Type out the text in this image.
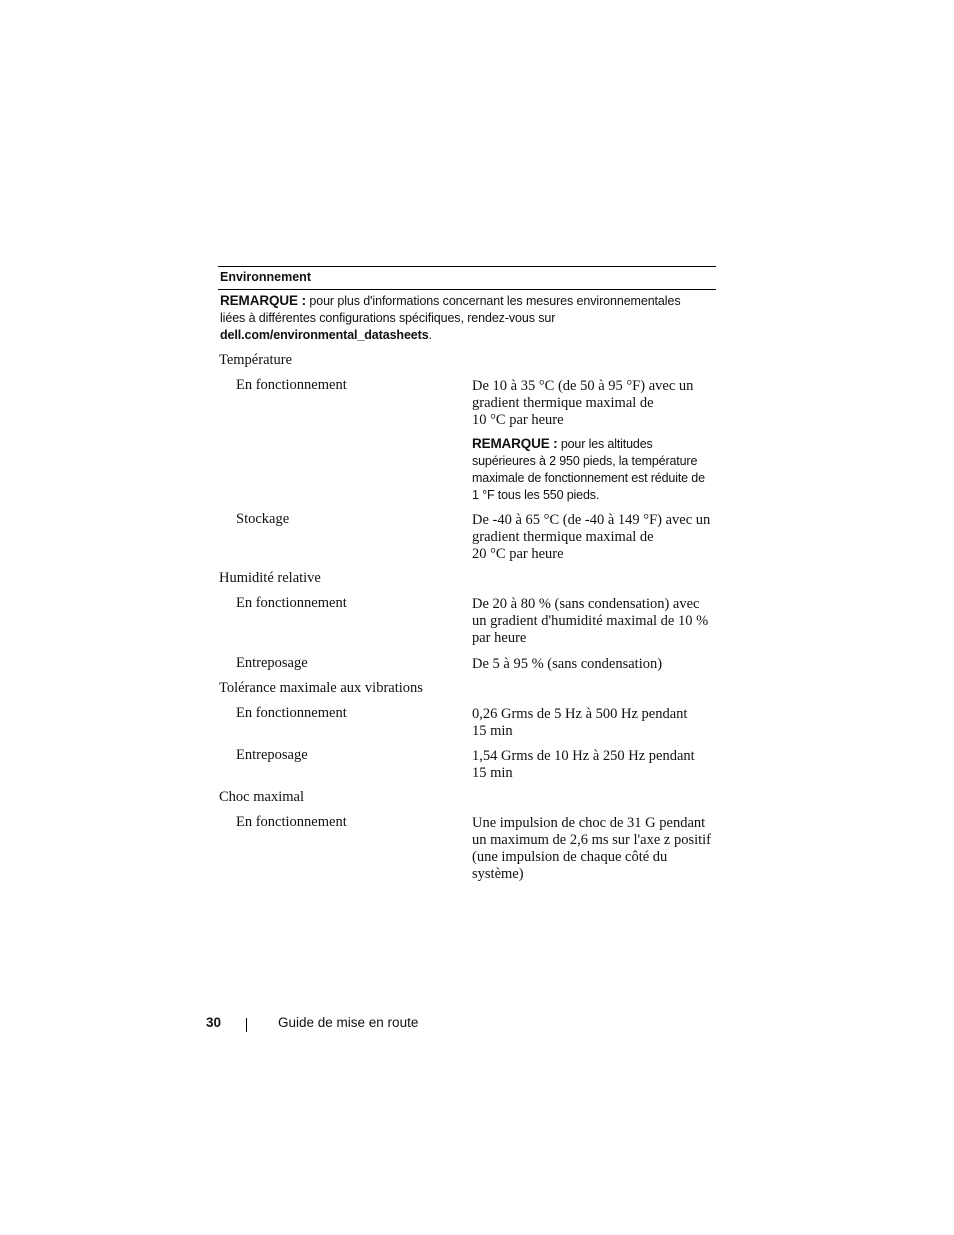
Environnement
REMARQUE : pour plus d'informations concernant les mesures environnementales
liées à différentes configurations spécifiques, rendez-vous sur
dell.com/environmental_datasheets.
Température
En fonctionnement	De 10 à 35 °C (de 50 à 95 °F) avec un
gradient thermique maximal de
10 °C par heure
REMARQUE : pour les altitudes
supérieures à 2 950 pieds, la température
maximale de fonctionnement est réduite de
1 °F tous les 550 pieds.
Stockage	De -40 à 65 °C (de -40 à 149 °F) avec un
gradient thermique maximal de
20 °C par heure
Humidité relative
En fonctionnement	De 20 à 80 % (sans condensation) avec
un gradient d'humidité maximal de 10 %
par heure
Entreposage	De 5 à 95 % (sans condensation)
Tolérance maximale aux vibrations
En fonctionnement	0,26 Grms de 5 Hz à 500 Hz pendant
15 min
Entreposage	1,54 Grms de 10 Hz à 250 Hz pendant
15 min
Choc maximal
En fonctionnement	Une impulsion de choc de 31 G pendant
un maximum de 2,6 ms sur l'axe z positif
(une impulsion de chaque côté du
système)
30	Guide de mise en route
